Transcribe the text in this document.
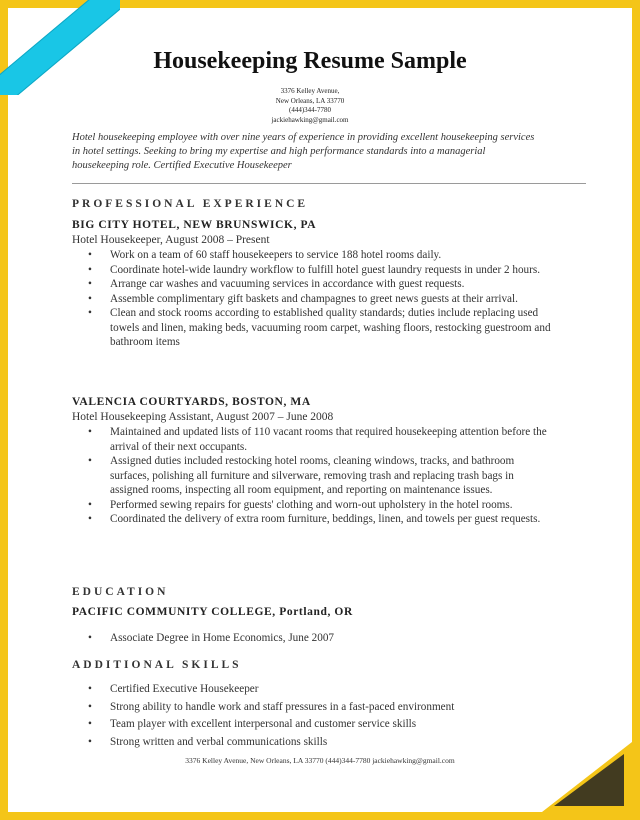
Housekeeping Resume Sample
3376 Kelley Avenue,
New Orleans, LA 33770
(444)344-7780
jackiehawking@gmail.com
Hotel housekeeping employee with over nine years of experience in providing excellent housekeeping services in hotel settings. Seeking to bring my expertise and high performance standards into a managerial housekeeping role. Certified Executive Housekeeper
PROFESSIONAL EXPERIENCE
BIG CITY HOTEL, NEW BRUNSWICK, PA
Hotel Housekeeper, August 2008 – Present
• Work on a team of 60 staff housekeepers to service 188 hotel rooms daily.
• Coordinate hotel-wide laundry workflow to fulfill hotel guest laundry requests in under 2 hours.
• Arrange car washes and vacuuming services in accordance with guest requests.
• Assemble complimentary gift baskets and champagnes to greet news guests at their arrival.
• Clean and stock rooms according to established quality standards; duties include replacing used towels and linen, making beds, vacuuming room carpet, washing floors, restocking guestroom and bathroom items
VALENCIA COURTYARDS, BOSTON, MA
Hotel Housekeeping Assistant, August 2007 – June 2008
• Maintained and updated lists of 110 vacant rooms that required housekeeping attention before the arrival of their next occupants.
• Assigned duties included restocking hotel rooms, cleaning windows, tracks, and bathroom surfaces, polishing all furniture and silverware, removing trash and replacing trash bags in assigned rooms, inspecting all room equipment, and reporting on maintenance issues.
• Performed sewing repairs for guests' clothing and worn-out upholstery in the hotel rooms.
• Coordinated the delivery of extra room furniture, beddings, linen, and towels per guest requests.
EDUCATION
PACIFIC COMMUNITY COLLEGE, Portland, OR
• Associate Degree in Home Economics, June 2007
ADDITIONAL SKILLS
• Certified Executive Housekeeper
• Strong ability to handle work and staff pressures in a fast-paced environment
• Team player with excellent interpersonal and customer service skills
• Strong written and verbal communications skills
3376 Kelley Avenue, New Orleans, LA 33770 (444)344-7780 jackiehawking@gmail.com
